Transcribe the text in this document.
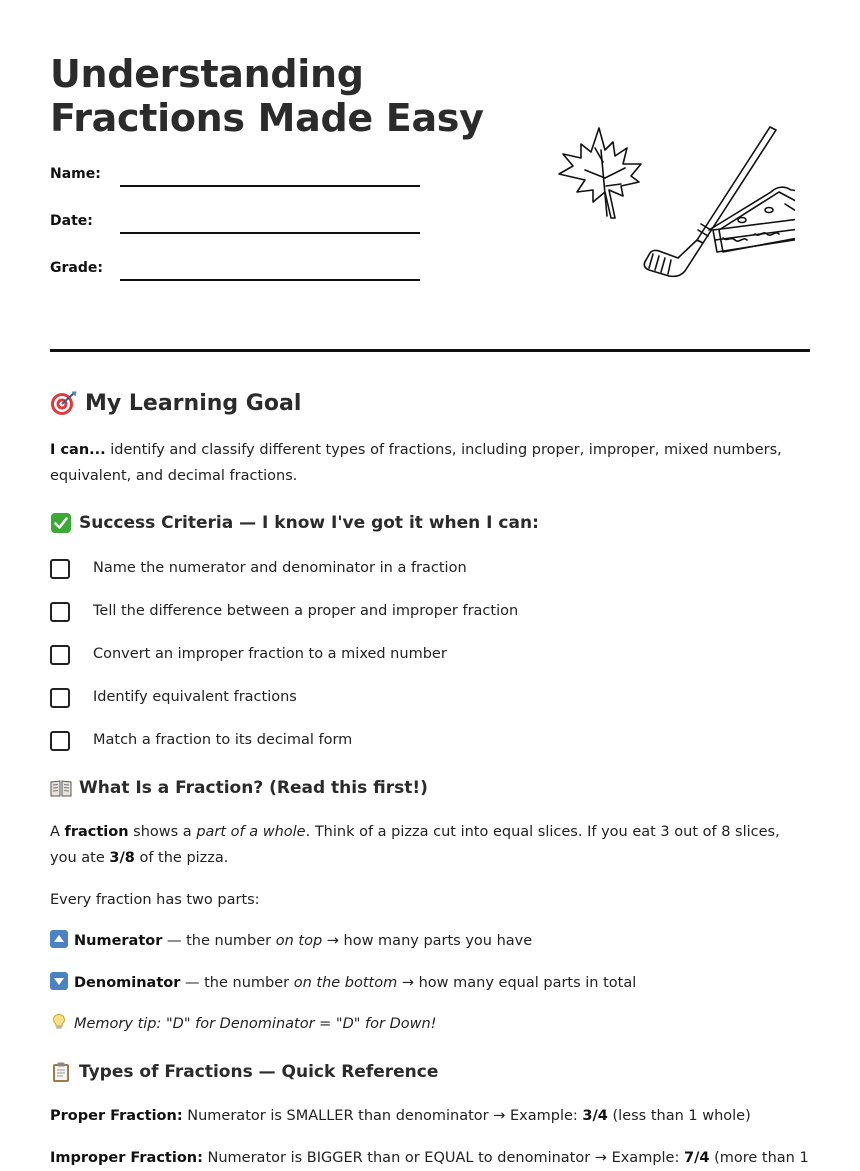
Understanding
Fractions Made Easy
Name:
Date:
Grade:
My Learning Goal

I can... identify and classify different types of fractions, including proper, improper, mixed numbers, equivalent, and decimal fractions.

Success Criteria — I know I've got it when I can:
Name the numerator and denominator in a fraction
Tell the difference between a proper and improper fraction
Convert an improper fraction to a mixed number
Identify equivalent fractions
Match a fraction to its decimal form
What Is a Fraction? (Read this first!)

A fraction shows a part of a whole. Think of a pizza cut into equal slices. If you eat 3 out of 8 slices, you ate 3/8 of the pizza.

Every fraction has two parts:

Numerator — the number on top → how many parts you have

Denominator — the number on the bottom → how many equal parts in total

Memory tip: "D" for Denominator = "D" for Down!

Types of Fractions — Quick Reference

Proper Fraction: Numerator is SMALLER than denominator → Example: 3/4 (less than 1 whole)

Improper Fraction: Numerator is BIGGER than or EQUAL to denominator → Example: 7/4 (more than 1
